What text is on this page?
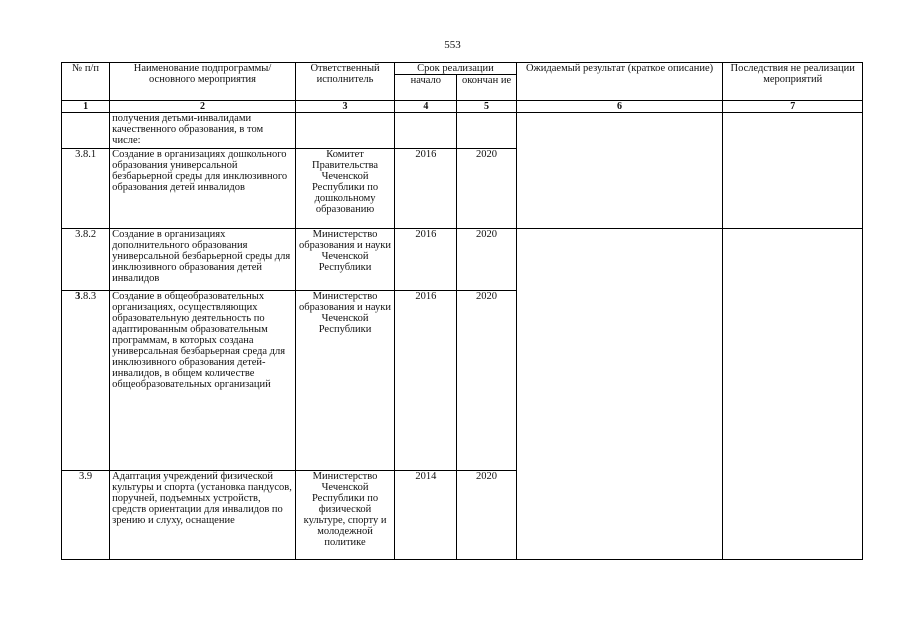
553
№ п/п	Наименование подпрограммы/ основного мероприятия	Ответственный исполнитель	Срок реализации		Ожидаемый результат (краткое описание)	Последствия не реализации мероприятий
			начало	окончан ие		
1	2	3	4	5	6	7
	получения детьми-инвалидами качественного образования, в том числе:					
3.8.1	Создание в организациях дошкольного образования универсальной безбарьерной среды для инклюзивного образования детей инвалидов	Комитет Правительства Чеченской Республики по дошкольному образованию	2016	2020		
3.8.2	Создание в организациях дополнительного образования универсальной безбарьерной среды для инклюзивного образования детей инвалидов	Министерство образования и науки Чеченской Республики	2016	2020		
3.8.3	Создание в общеобразовательных организациях, осуществляющих образовательную деятельность по адаптированным образовательным программам, в которых создана универсальная безбарьерная среда для инклюзивного образования детей-инвалидов, в общем количестве общеобразовательных организаций	Министерство образования и науки Чеченской Республики	2016	2020		
3.9	Адаптация учреждений физической культуры и спорта (установка пандусов, поручней, подъемных устройств, средств ориентации для инвалидов по зрению и слуху, оснащение	Министерство Чеченской Республики по физической культуре, спорту и молодежной политике	2014	2020		
